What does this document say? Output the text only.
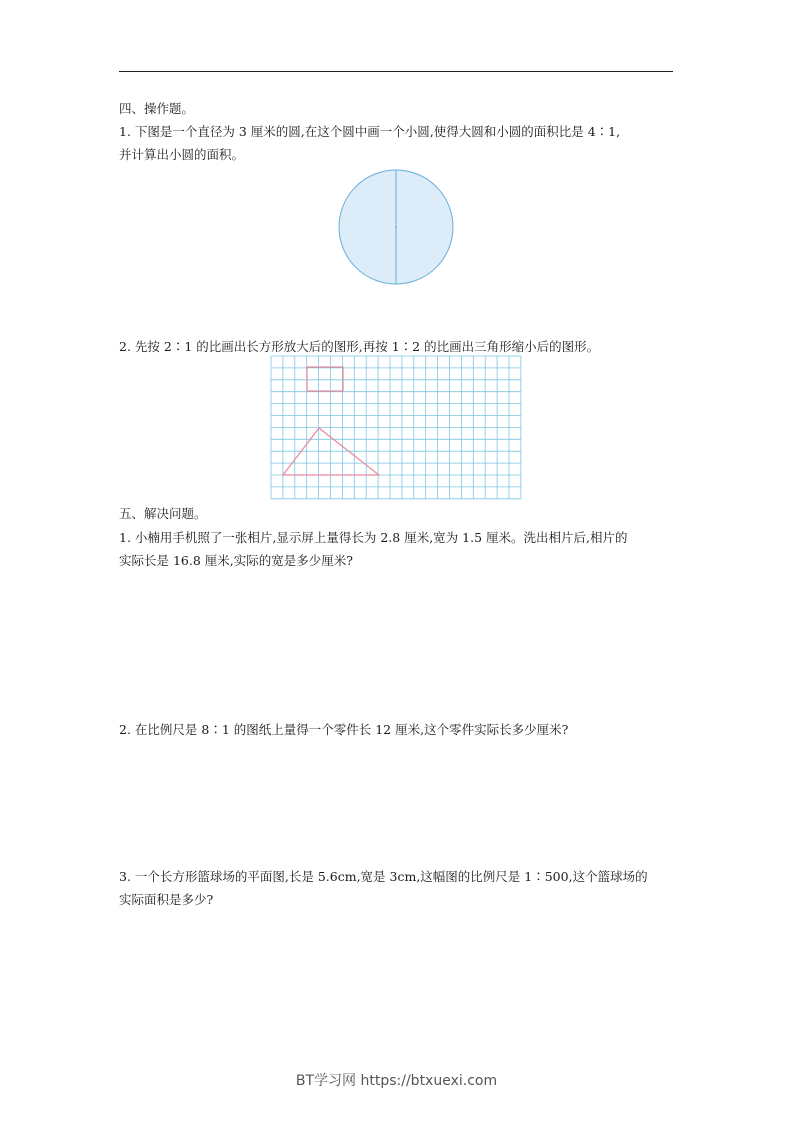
四、操作题。
1. 下图是一个直径为 3 厘米的圆,在这个圆中画一个小圆,使得大圆和小圆的面积比是 4∶1,
并计算出小圆的面积。
2. 先按 2∶1 的比画出长方形放大后的图形,再按 1∶2 的比画出三角形缩小后的图形。
五、解决问题。
1. 小楠用手机照了一张相片,显示屏上量得长为 2.8 厘米,宽为 1.5 厘米。洗出相片后,相片的
实际长是 16.8 厘米,实际的宽是多少厘米?
2. 在比例尺是 8∶1 的图纸上量得一个零件长 12 厘米,这个零件实际长多少厘米?
3. 一个长方形篮球场的平面图,长是 5.6cm,宽是 3cm,这幅图的比例尺是 1∶500,这个篮球场的
实际面积是多少?
BT学习网 https://btxuexi.com
